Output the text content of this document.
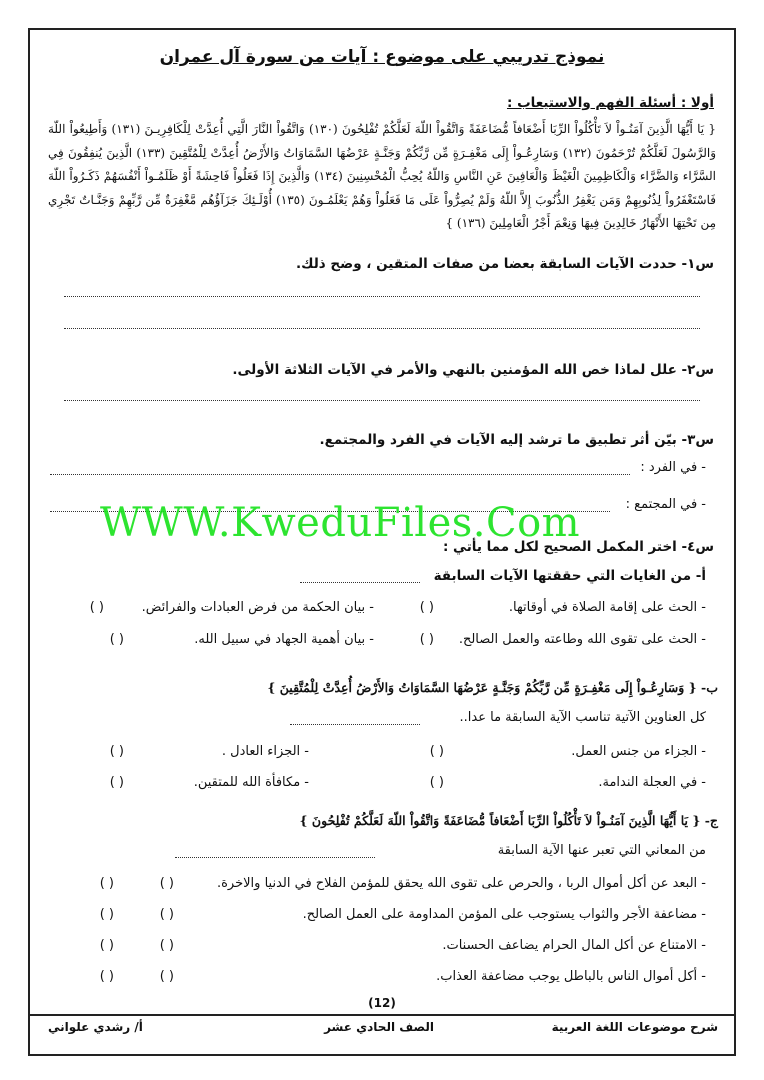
نموذج تدريبي على موضوع : آيات من سورة آل عمران
أولا : أسئلة الفهم والاستيعاب :
{ يَا أَيُّهَا الَّذِينَ آمَنُـواْ لاَ تَأْكُلُواْ الرِّبَا أَضْعَافاً مُّضَاعَفَةً وَاتَّقُواْ اللّهَ لَعَلَّكُمْ تُفْلِحُونَ (١٣٠) وَاتَّقُواْ النَّارَ الَّتِي أُعِدَّتْ لِلْكَافِرِيـنَ (١٣١) وَأَطِيعُواْ اللّهَ وَالرَّسُولَ لَعَلَّكُمْ تُرْحَمُونَ (١٣٢) وَسَارِعُـواْ إِلَى مَغْفِـرَةٍ مِّن رَّبِّكُمْ وَجَنَّـةٍ عَرْضُهَا السَّمَاوَاتُ وَالأَرْضُ أُعِدَّتْ لِلْمُتَّقِينَ (١٣٣) الَّذِينَ يُنفِقُونَ فِي السَّرَّاء وَالضَّرَّاء وَالْكَاظِمِينَ الْغَيْظَ وَالْعَافِينَ عَنِ النَّاسِ وَاللّهُ يُحِبُّ الْمُحْسِنِينَ (١٣٤) وَالَّذِينَ إِذَا فَعَلُواْ فَاحِشَةً أَوْ ظَلَمُـواْ أَنْفُسَهُمْ ذَكَـرُواْ اللّهَ فَاسْتَغْفَرُواْ لِذُنُوبِهِمْ وَمَن يَغْفِرُ الذُّنُوبَ إِلاَّ اللّهُ وَلَمْ يُصِرُّواْ عَلَى مَا فَعَلُواْ وَهُمْ يَعْلَمُـونَ (١٣٥) أُوْلَـئِكَ جَزَآؤُهُم مَّغْفِرَةٌ مِّن رَّبِّهِمْ وَجَنَّـاتٌ تَجْرِي مِن تَحْتِهَا الأَنْهَارُ خَالِدِينَ فِيهَا وَنِعْمَ أَجْرُ الْعَامِلِينَ (١٣٦) }
س١- حددت الآيات السابقة بعضا من صفات المتقين ، وضح ذلك.
س٢- علل لماذا خص الله المؤمنين بالنهي والأمر في الآيات الثلاثة الأولى.
س٣- بيّن أثر تطبيق ما ترشد إليه الآيات في الفرد والمجتمع.
- في الفرد :
- في المجتمع :
WWW.KweduFiles.Com
س٤- اختر المكمل الصحيح لكل مما يأتي :
أ- من الغايات التي حققتها الآيات السابقة
- الحث على إقامة الصلاة في أوقاتها.
( )
- بيان الحكمة من فرض العبادات والفرائض.
( )
- الحث على تقوى الله وطاعته والعمل الصالح.
( )
- بيان أهمية الجهاد في سبيل الله.
( )
ب- { وَسَارِعُـواْ إِلَى مَغْفِـرَةٍ مِّن رَّبِّكُمْ وَجَنَّـةٍ عَرْضُهَا السَّمَاوَاتُ وَالأَرْضُ أُعِدَّتْ لِلْمُتَّقِينَ }
كل العناوين الآتية تناسب الآية السابقة ما عدا..
- الجزاء من جنس العمل.
( )
- الجزاء العادل .
( )
- في العجلة الندامة.
( )
- مكافأة الله للمتقين.
( )
ج- { يَا أَيُّهَا الَّذِينَ آمَنُـواْ لاَ تَأْكُلُواْ الرِّبَا أَضْعَافاً مُّضَاعَفَةً وَاتَّقُواْ اللّهَ لَعَلَّكُمْ تُفْلِحُونَ }
من المعاني التي تعبر عنها الآية السابقة
- البعد عن أكل أموال الربا ، والحرص على تقوى الله يحقق للمؤمن الفلاح في الدنيا والاخرة.
( )
( )
- مضاعفة الأجر والثواب يستوجب على المؤمن المداومة على العمل الصالح.
( )
( )
- الامتناع عن أكل المال الحرام يضاعف الحسنات.
( )
( )
- أكل أموال الناس بالباطل يوجب مضاعفة العذاب.
( )
( )
(12)
شرح موضوعات اللغة العربية
الصف الحادي عشر
أ/ رشدي علواني
